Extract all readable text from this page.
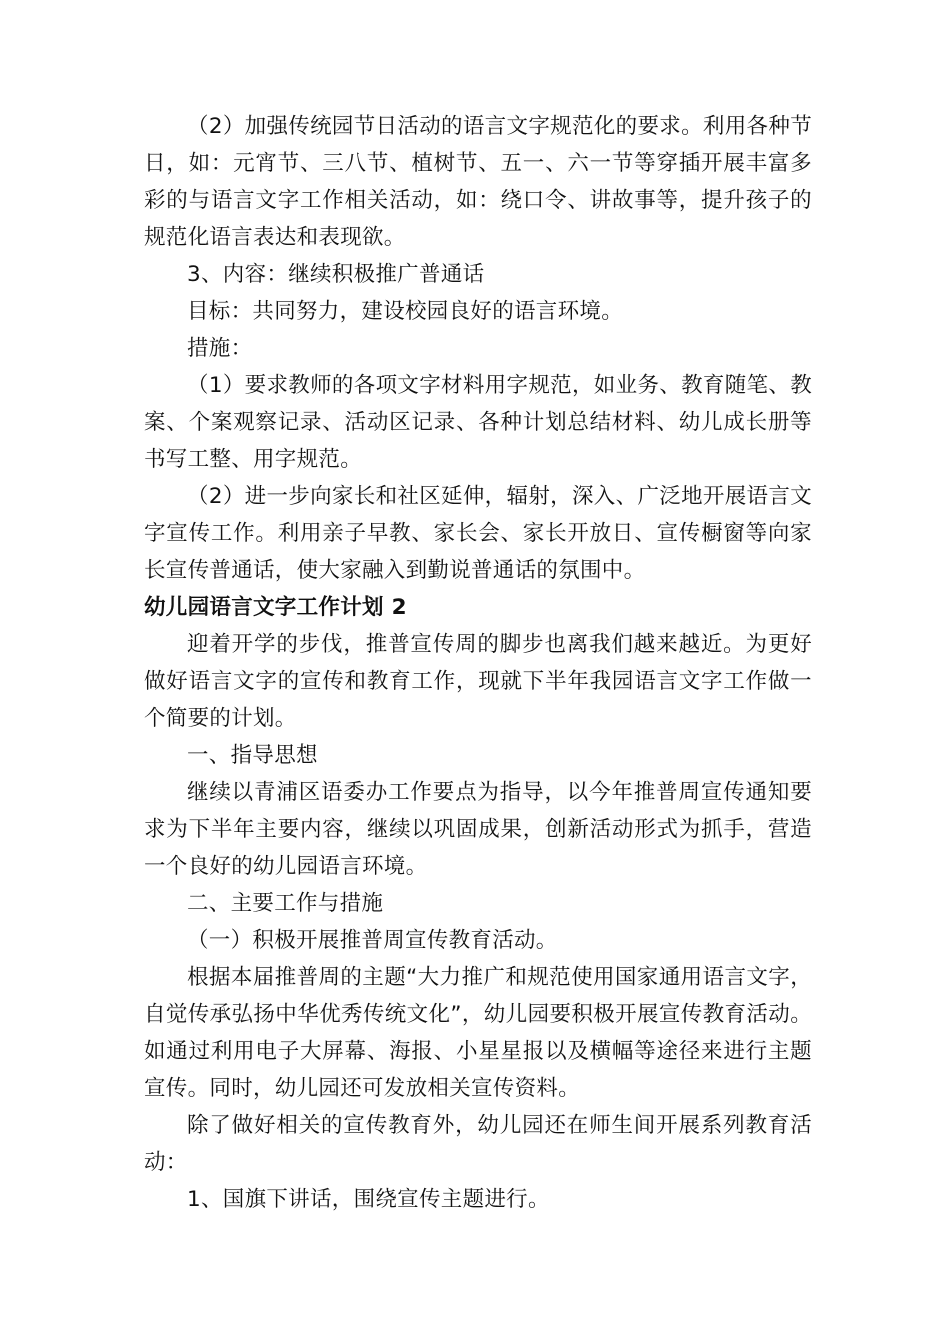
（2）加强传统园节日活动的语言文字规范化的要求。利用各种节日，如：元宵节、三八节、植树节、五一、六一节等穿插开展丰富多彩的与语言文字工作相关活动，如：绕口令、讲故事等，提升孩子的规范化语言表达和表现欲。

3、内容：继续积极推广普通话

目标：共同努力，建设校园良好的语言环境。

措施：

（1）要求教师的各项文字材料用字规范，如业务、教育随笔、教案、个案观察记录、活动区记录、各种计划总结材料、幼儿成长册等书写工整、用字规范。

（2）进一步向家长和社区延伸，辐射，深入、广泛地开展语言文字宣传工作。利用亲子早教、家长会、家长开放日、宣传橱窗等向家长宣传普通话，使大家融入到勤说普通话的氛围中。

幼儿园语言文字工作计划 2

迎着开学的步伐，推普宣传周的脚步也离我们越来越近。为更好做好语言文字的宣传和教育工作，现就下半年我园语言文字工作做一个简要的计划。

一、指导思想

继续以青浦区语委办工作要点为指导，以今年推普周宣传通知要求为下半年主要内容，继续以巩固成果，创新活动形式为抓手，营造一个良好的幼儿园语言环境。

二、主要工作与措施

（一）积极开展推普周宣传教育活动。

根据本届推普周的主题“大力推广和规范使用国家通用语言文字，自觉传承弘扬中华优秀传统文化”，幼儿园要积极开展宣传教育活动。如通过利用电子大屏幕、海报、小星星报以及横幅等途径来进行主题宣传。同时，幼儿园还可发放相关宣传资料。

除了做好相关的宣传教育外，幼儿园还在师生间开展系列教育活动：

1、国旗下讲话，围绕宣传主题进行。
